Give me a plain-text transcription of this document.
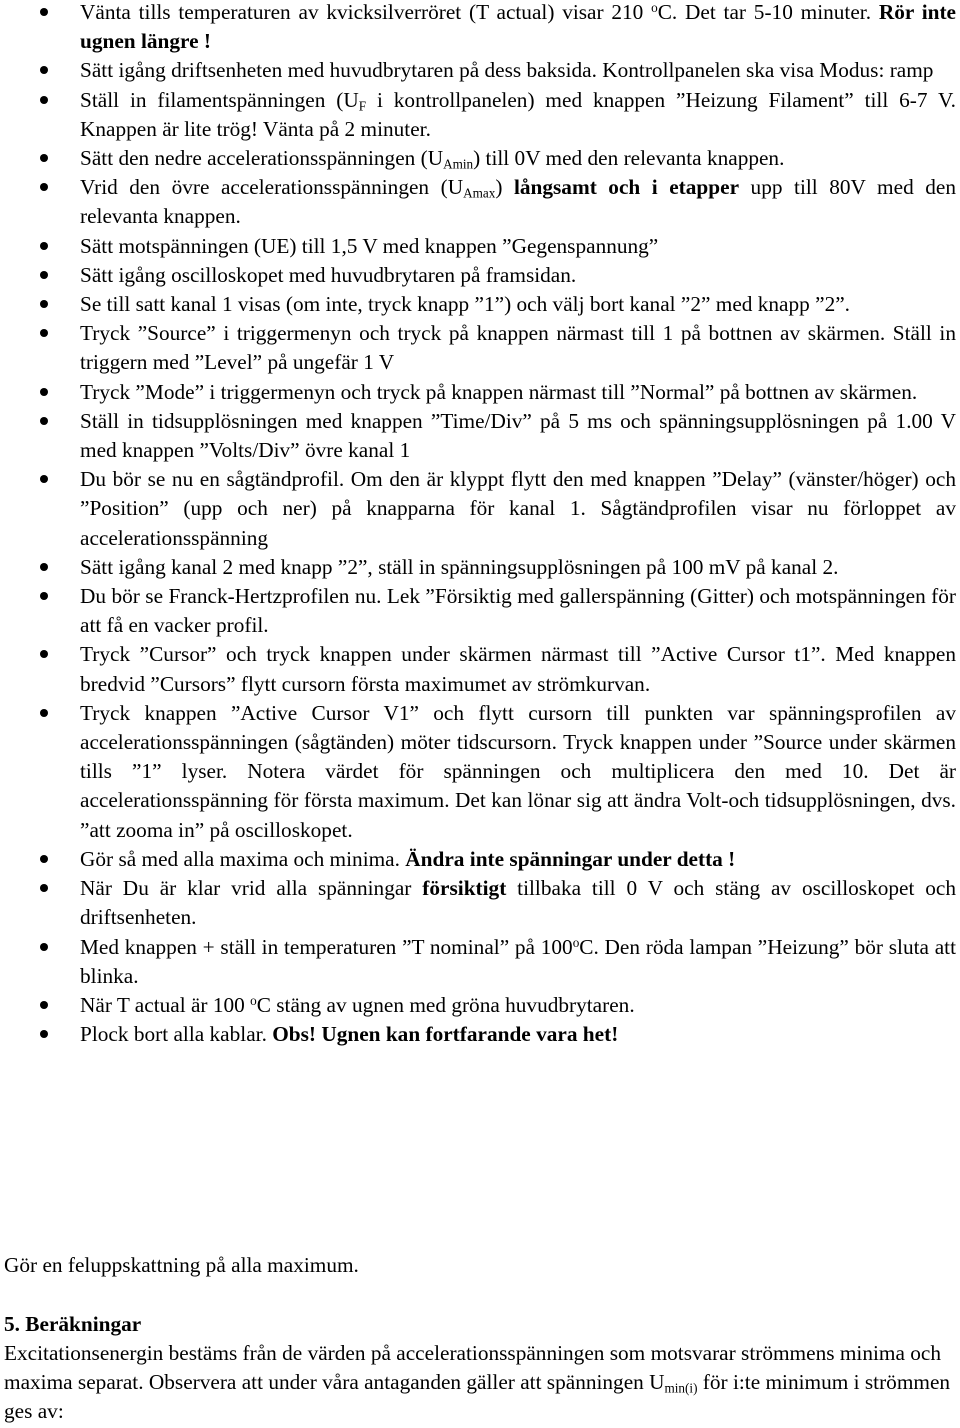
Vänta tills temperaturen av kvicksilverröret (T actual) visar 210 $^o$C. Det tar 5-10 minuter. Rör inte ugnen längre !
Sätt igång driftsenheten med huvudbrytaren på dess baksida. Kontrollpanelen ska visa Modus: ramp
Ställ in filamentspänningen ($U_F$ i kontrollpanelen) med knappen ”Heizung Filament” till 6-7 V. Knappen är lite trög! Vänta på 2 minuter.
Sätt den nedre accelerationsspänningen $(U_{Amin})$ till 0V med den relevanta knappen.
Vrid den övre accelerationsspänningen $(U_{Amax})$ långsamt och i etapper upp till 80V med den relevanta knappen.
Sätt motspänningen (UE) till 1,5 V med knappen ”Gegenspannung”
Sätt igång oscilloskopet med huvudbrytaren på framsidan.
Se till satt kanal 1 visas (om inte, tryck knapp ”1”) och välj bort kanal ”2” med knapp ”2”.
Tryck ”Source” i triggermenyn och tryck på knappen närmast till 1 på bottnen av skärmen. Ställ in triggern med ”Level” på ungefär 1 V
Tryck ”Mode” i triggermenyn och tryck på knappen närmast till ”Normal” på bottnen av skärmen.
Ställ in tidsupplösningen med knappen ”Time/Div” på 5 ms och spänningsupplösningen på 1.00 V med knappen ”Volts/Div” övre kanal 1
Du bör se nu en sågtändprofil. Om den är klyppt flytt den med knappen ”Delay” (vänster/höger) och ”Position” (upp och ner) på knapparna för kanal 1. Sågtändprofilen visar nu förloppet av accelerationsspänning
Sätt igång kanal 2 med knapp ”2”, ställ in spänningsupplösningen på 100 mV på kanal 2.
Du bör se Franck-Hertzprofilen nu. Lek ”Försiktig med gallerspänning (Gitter) och motspänningen för att få en vacker profil.
Tryck ”Cursor” och tryck knappen under skärmen närmast till ”Active Cursor t1”. Med knappen bredvid ”Cursors” flytt cursorn första maximumet av strömkurvan.
Tryck knappen ”Active Cursor V1” och flytt cursorn till punkten var spänningsprofilen av accelerationsspänningen (sågtänden) möter tidscursorn. Tryck knappen under ”Source under skärmen tills ”1” lyser. Notera värdet för spänningen och multiplicera den med 10. Det är accelerationsspänning för första maximum. Det kan lönar sig att ändra Volt-och tidsupplösningen, dvs. ”att zooma in” på oscilloskopet.
Gör så med alla maxima och minima. Ändra inte spänningar under detta !
När Du är klar vrid alla spänningar försiktigt tillbaka till 0 V och stäng av oscilloskopet och driftsenheten.
Med knappen + ställ in temperaturen ”T nominal” på 100$^o$C. Den röda lampan ”Heizung” bör sluta att blinka.
När T actual är 100 $^o$C stäng av ugnen med gröna huvudbrytaren.
Plock bort alla kablar. Obs! Ugnen kan fortfarande vara het!
Gör en feluppskattning på alla maximum.
5. Beräkningar
Excitationsenergin bestäms från de värden på accelerationsspänningen som motsvarar strömmens minima och maxima separat. Observera att under våra antaganden gäller att spänningen $U_{min(i)}$ för i:te minimum i strömmen ges av:
